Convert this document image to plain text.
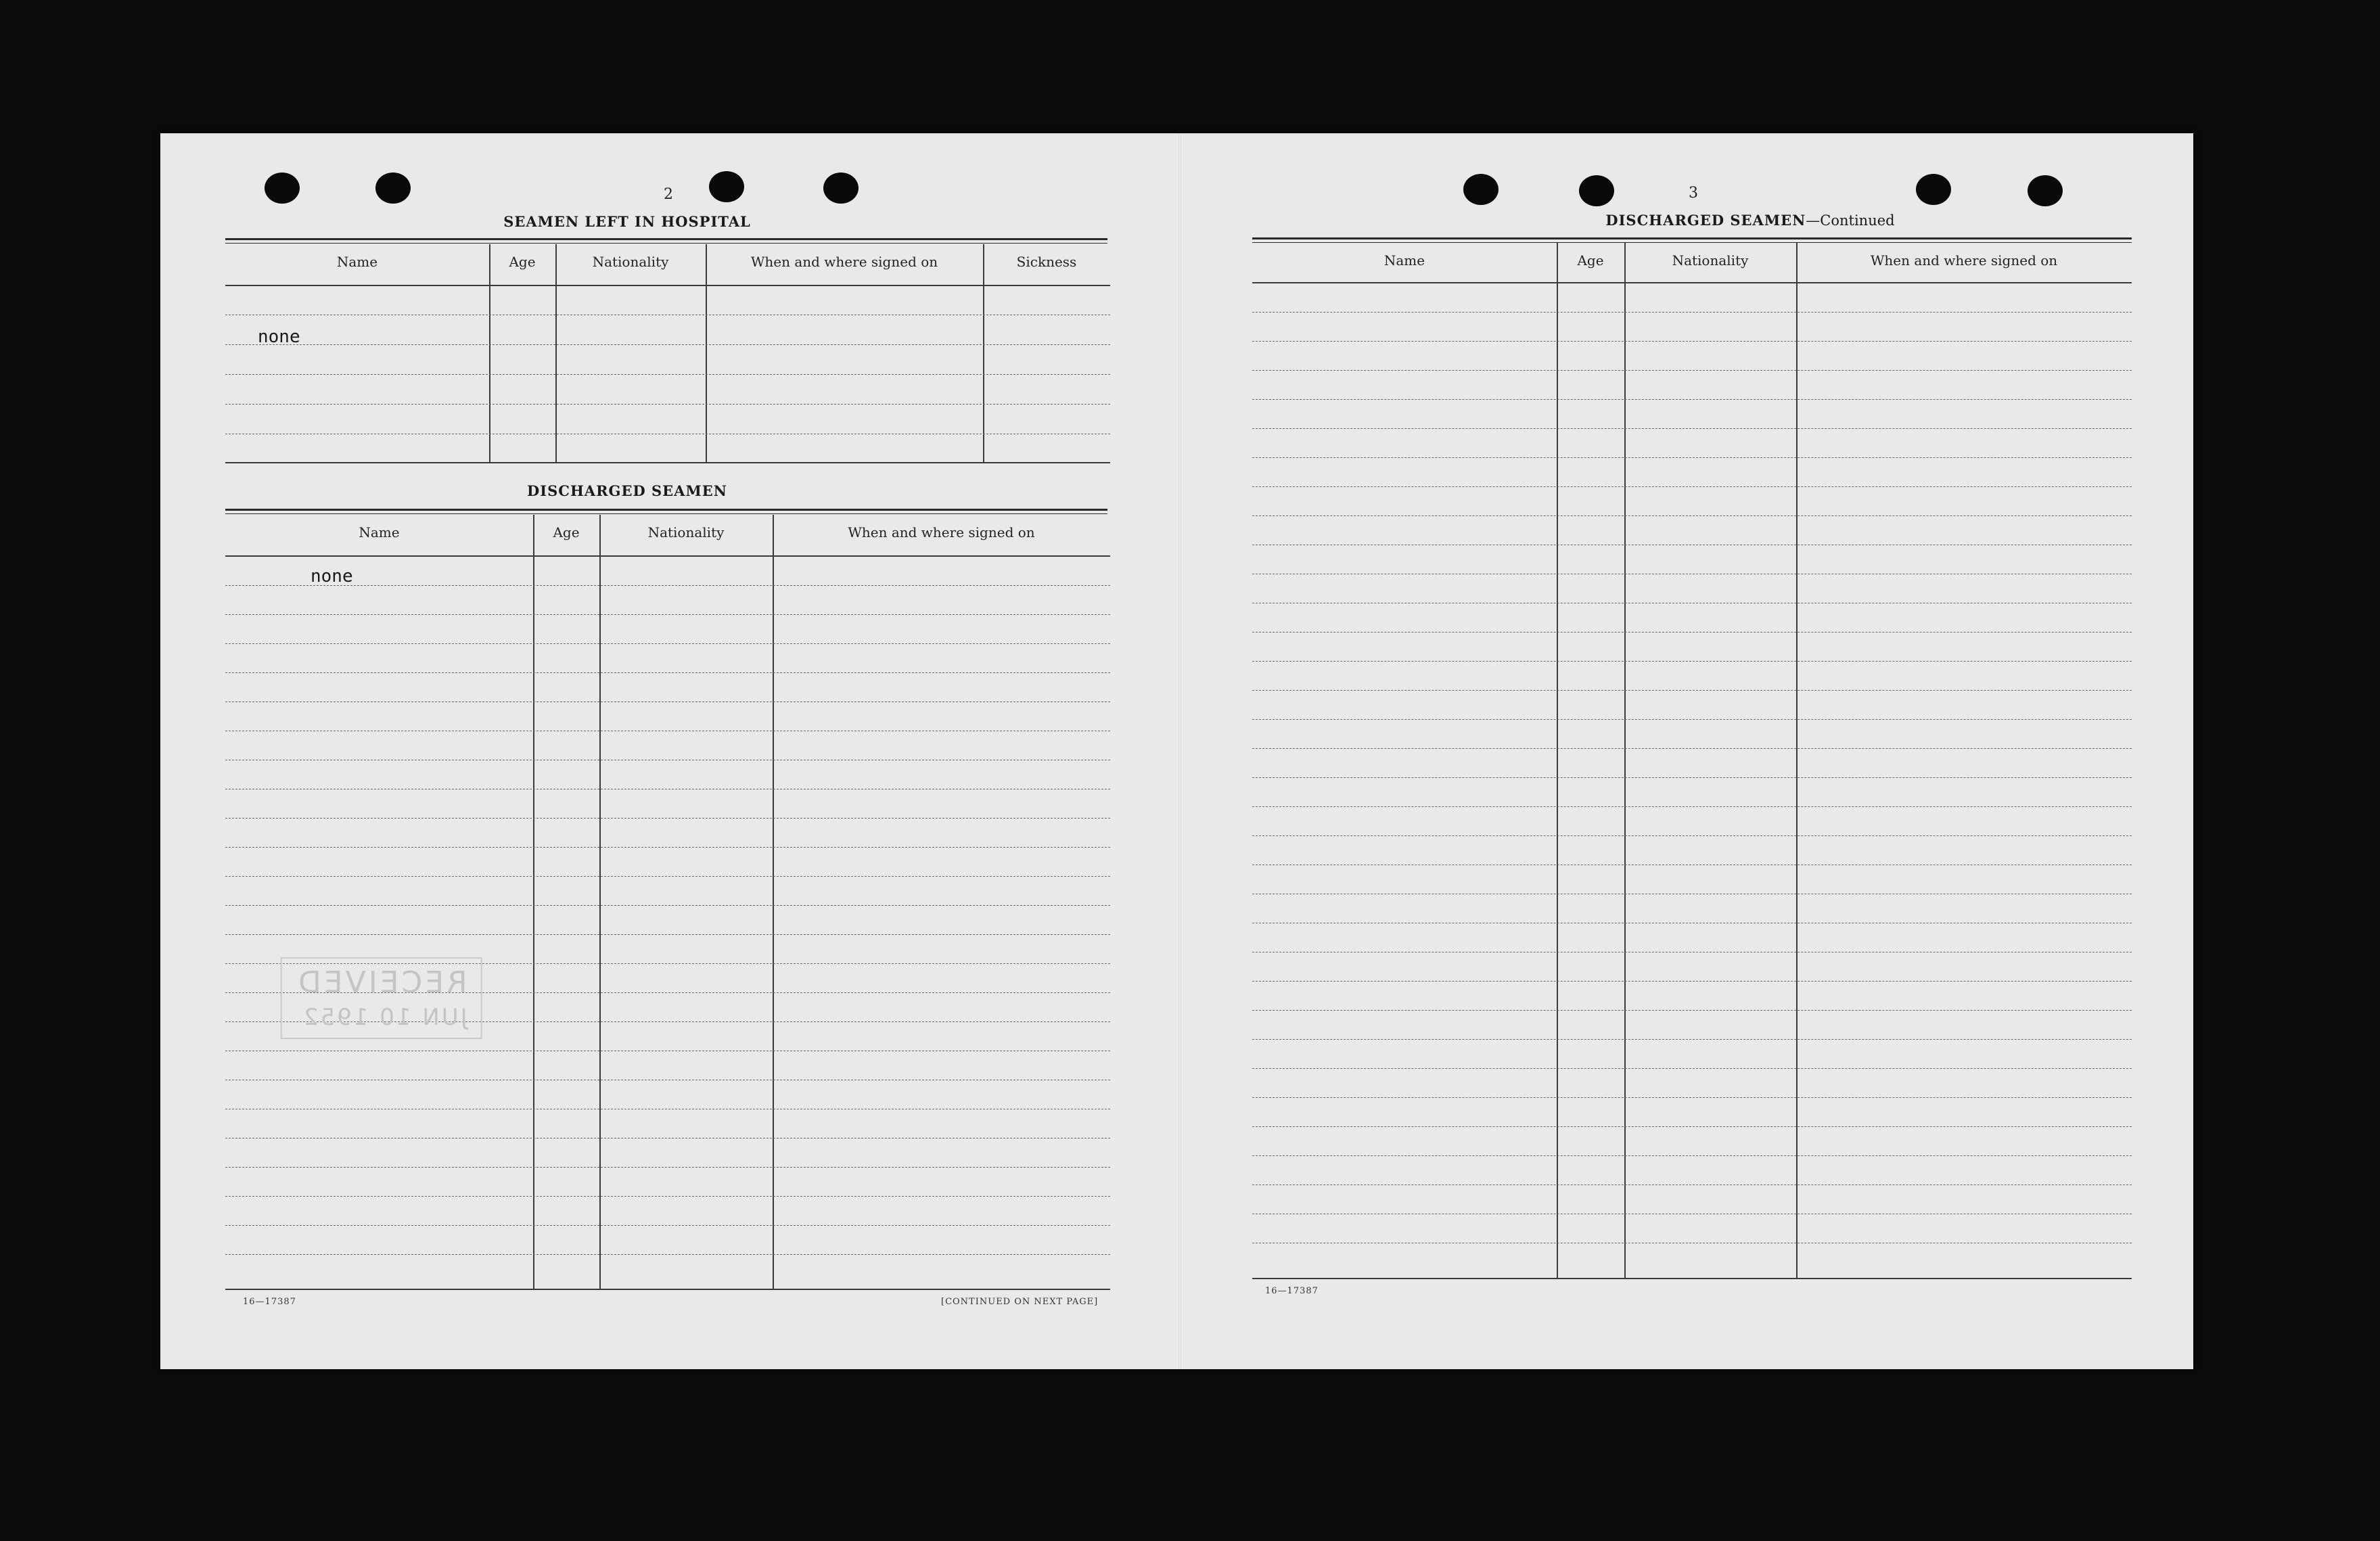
2
SEAMEN LEFT IN HOSPITAL
Name	Age	Nationality	When and where signed on	Sickness
none
DISCHARGED SEAMEN
Name	Age	Nationality	When and where signed on
none
RECEIVED
JUN 10 1952
16—17387	[CONTINUED ON NEXT PAGE]
3
DISCHARGED SEAMEN—Continued
Name	Age	Nationality	When and where signed on
16—17387
